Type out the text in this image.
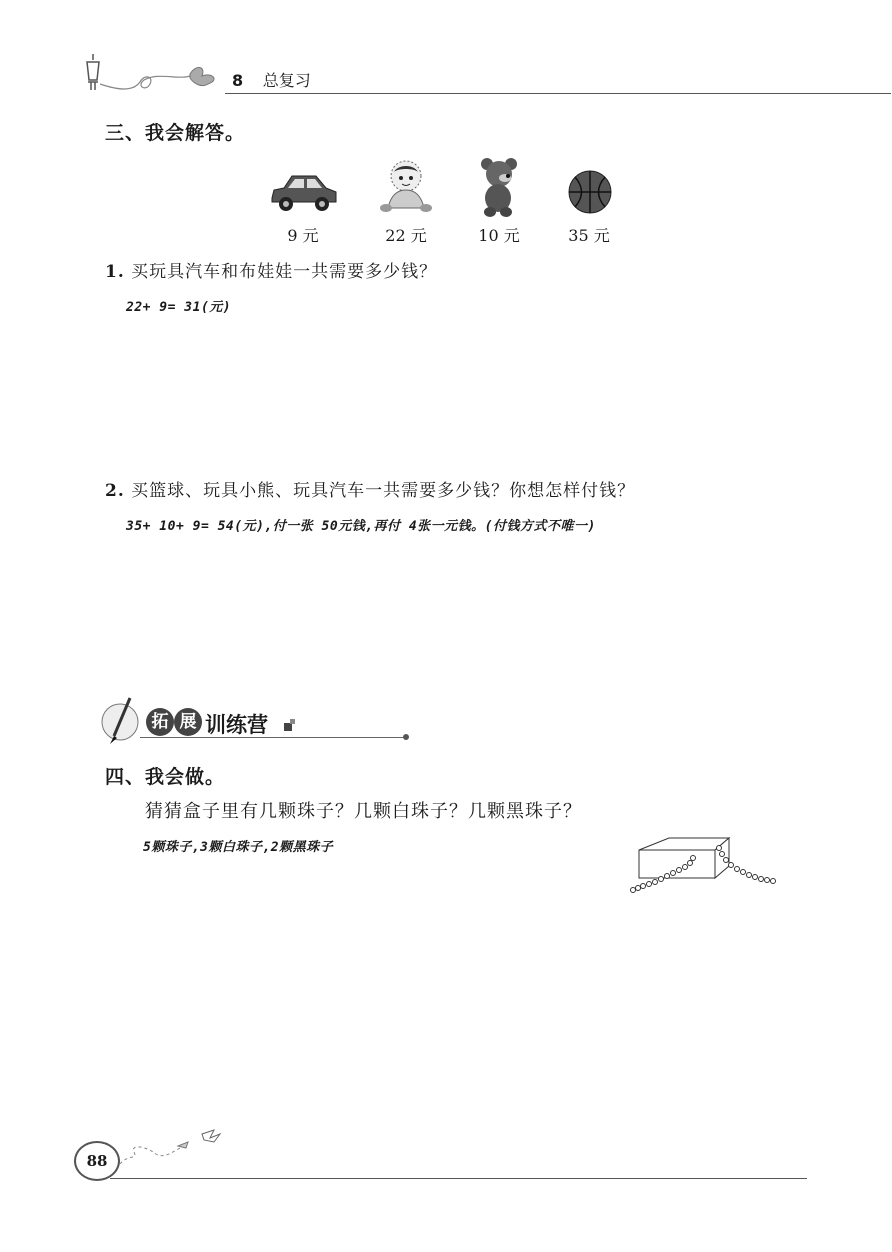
8 总复习
三、我会解答。
9 元	22 元	10 元	35 元
1. 买玩具汽车和布娃娃一共需要多少钱？
22+ 9= 31(元)
2. 买篮球、玩具小熊、玩具汽车一共需要多少钱？你想怎样付钱？
35+ 10+ 9= 54(元),付一张 50元钱,再付 4张一元钱。(付钱方式不唯一)
拓 展 训练营
四、我会做。
猜猜盒子里有几颗珠子？几颗白珠子？几颗黑珠子？
5颗珠子,3颗白珠子,2颗黑珠子
88
